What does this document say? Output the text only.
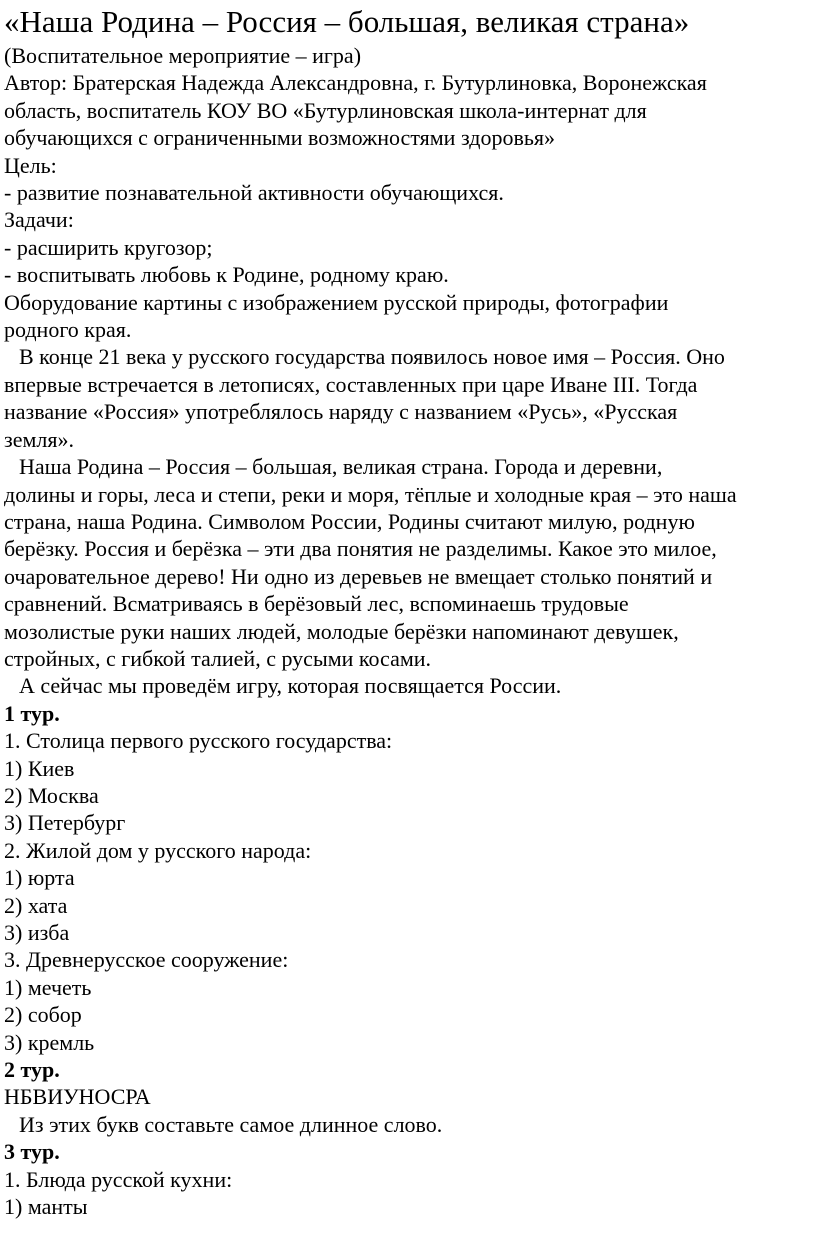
«Наша Родина – Россия – большая, великая страна»
(Воспитательное мероприятие – игра)
Автор: Братерская Надежда Александровна, г. Бутурлиновка, Воронежская
область, воспитатель КОУ ВО «Бутурлиновская школа-интернат для
обучающихся с ограниченными возможностями здоровья»
Цель:
- развитие познавательной активности обучающихся.
Задачи:
- расширить кругозор;
- воспитывать любовь к Родине, родному краю.
Оборудование картины с изображением русской природы, фотографии
родного края.
В конце 21 века у русского государства появилось новое имя – Россия. Оно
впервые встречается в летописях, составленных при царе Иване III. Тогда
название «Россия» употреблялось наряду с названием «Русь», «Русская
земля».
Наша Родина – Россия – большая, великая страна. Города и деревни,
долины и горы, леса и степи, реки и моря, тёплые и холодные края – это наша
страна, наша Родина. Символом России, Родины считают милую, родную
берёзку. Россия и берёзка – эти два понятия не разделимы. Какое это милое,
очаровательное дерево! Ни одно из деревьев не вмещает столько понятий и
сравнений. Всматриваясь в берёзовый лес, вспоминаешь трудовые
мозолистые руки наших людей, молодые берёзки напоминают девушек,
стройных, с гибкой талией, с русыми косами.
А сейчас мы проведём игру, которая посвящается России.
1 тур.
1. Столица первого русского государства:
1) Киев
2) Москва
3) Петербург
2. Жилой дом у русского народа:
1) юрта
2) хата
3) изба
3. Древнерусское сооружение:
1) мечеть
2) собор
3) кремль
2 тур.
НБВИУНОСРА
Из этих букв составьте самое длинное слово.
3 тур.
1. Блюда русской кухни:
1) манты
